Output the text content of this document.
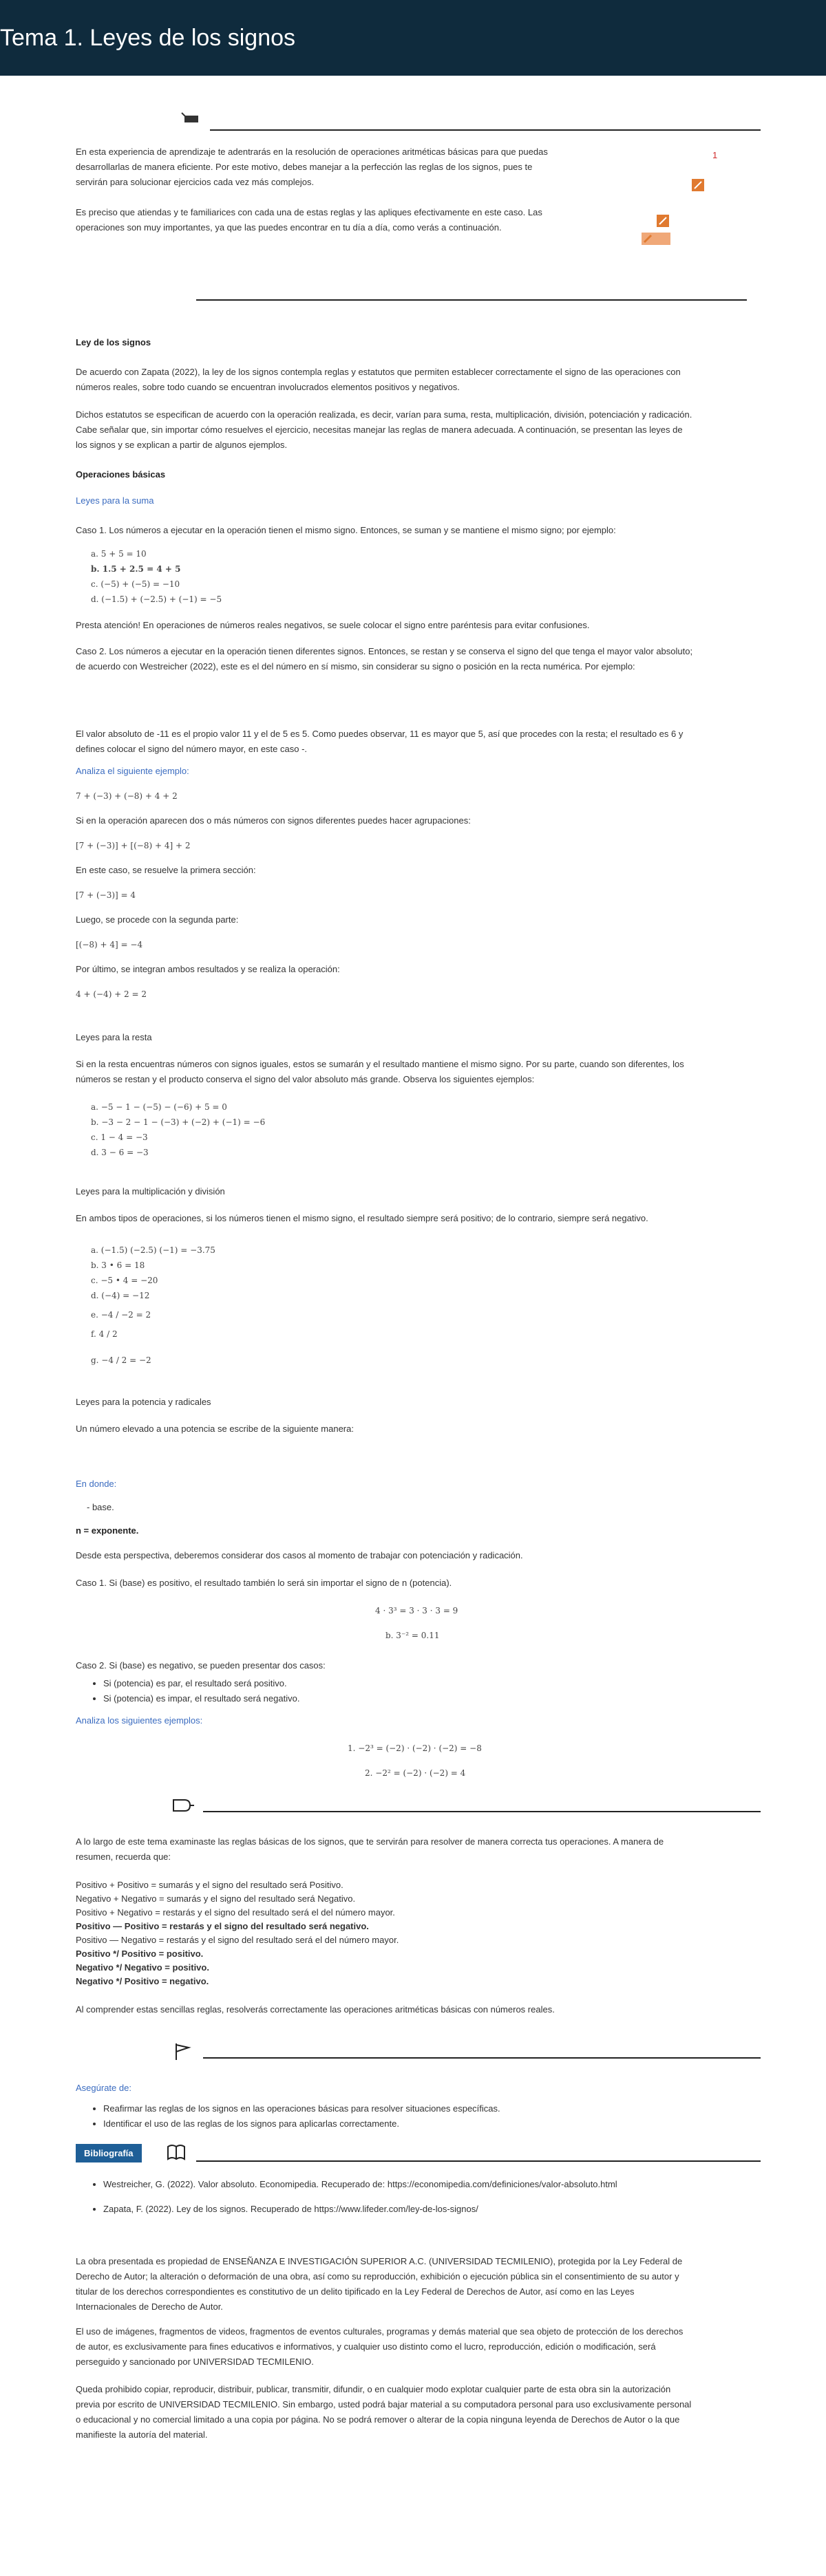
Tema 1. Leyes de los signos

En esta experiencia de aprendizaje te adentrarás en la resolución de operaciones aritméticas básicas para que puedas desarrollarlas de manera eficiente. Por este motivo, debes manejar a la perfección las reglas de los signos, pues te servirán para solucionar ejercicios cada vez más complejos.

1

Es preciso que atiendas y te familiarices con cada una de estas reglas y las apliques efectivamente en este caso. Las operaciones son muy importantes, ya que las puedes encontrar en tu día a día, como verás a continuación.

Ley de los signos

De acuerdo con Zapata (2022), la ley de los signos contempla reglas y estatutos que permiten establecer correctamente el signo de las operaciones con números reales, sobre todo cuando se encuentran involucrados elementos positivos y negativos.

Dichos estatutos se especifican de acuerdo con la operación realizada, es decir, varían para suma, resta, multiplicación, división, potenciación y radicación. Cabe señalar que, sin importar cómo resuelves el ejercicio, necesitas manejar las reglas de manera adecuada. A continuación, se presentan las leyes de los signos y se explican a partir de algunos ejemplos.

Operaciones básicas
Leyes para la suma

Caso 1. Los números a ejecutar en la operación tienen el mismo signo. Entonces, se suman y se mantiene el mismo signo; por ejemplo:

a. 5 + 5 = 10
b. 1.5 + 2.5 = 4 + 5
c. (−5) + (−5) = −10
d. (−1.5) + (−2.5) + (−1) = −5

Presta atención! En operaciones de números reales negativos, se suele colocar el signo entre paréntesis para evitar confusiones.

Caso 2. Los números a ejecutar en la operación tienen diferentes signos. Entonces, se restan y se conserva el signo del que tenga el mayor valor absoluto; de acuerdo con Westreicher (2022), este es el del número en sí mismo, sin considerar su signo o posición en la recta numérica. Por ejemplo:

El valor absoluto de -11 es el propio valor 11 y el de 5 es 5. Como puedes observar, 11 es mayor que 5, así que procedes con la resta; el resultado es 6 y defines colocar el signo del número mayor, en este caso -.

Analiza el siguiente ejemplo:

7 + (−3) + (−8) + 4 + 2

Si en la operación aparecen dos o más números con signos diferentes puedes hacer agrupaciones:

[7 + (−3)] + [(−8) + 4] + 2

En este caso, se resuelve la primera sección:

[7 + (−3)] = 4

Luego, se procede con la segunda parte:

[(−8) + 4] = −4

Por último, se integran ambos resultados y se realiza la operación:

4 + (−4) + 2 = 2
Leyes para la resta

Si en la resta encuentras números con signos iguales, estos se sumarán y el resultado mantiene el mismo signo. Por su parte, cuando son diferentes, los números se restan y el producto conserva el signo del valor absoluto más grande. Observa los siguientes ejemplos:

a. −5 − 1 − (−5) − (−6) + 5 = 0
b. −3 − 2 − 1 − (−3) + (−2) + (−1) = −6
c. 1 − 4 = −3
d. 3 − 6 = −3
Leyes para la multiplicación y división

En ambos tipos de operaciones, si los números tienen el mismo signo, el resultado siempre será positivo; de lo contrario, siempre será negativo.

a. (−1.5) (−2.5) (−1) = −3.75
b. 3 • 6 = 18
c. −5 • 4 = −20
d. (−4) = −12
e. −4 / −2 = 2
f. 4 / 2
g. −4 / 2 = −2
Leyes para la potencia y radicales

Un número elevado a una potencia se escribe de la siguiente manera:

En donde:

- base.

n = exponente.

Desde esta perspectiva, deberemos considerar dos casos al momento de trabajar con potenciación y radicación.

Caso 1. Si (base) es positivo, el resultado también lo será sin importar el signo de n (potencia).

4 · 3³ = 3 · 3 · 3 = 9
b. 3⁻² = 0.11

Caso 2. Si (base) es negativo, se pueden presentar dos casos:

• Si (potencia) es par, el resultado será positivo.
• Si (potencia) es impar, el resultado será negativo.

Analiza los siguientes ejemplos:

1. −2³ = (−2) · (−2) · (−2) = −8
2. −2² = (−2) · (−2) = 4

A lo largo de este tema examinaste las reglas básicas de los signos, que te servirán para resolver de manera correcta tus operaciones. A manera de resumen, recuerda que:

Positivo + Positivo = sumarás y el signo del resultado será Positivo.
Negativo + Negativo = sumarás y el signo del resultado será Negativo.
Positivo + Negativo = restarás y el signo del resultado será el del número mayor.
Positivo — Positivo = restarás y el signo del resultado será negativo.
Positivo — Negativo = restarás y el signo del resultado será el del número mayor.
Positivo */ Positivo = positivo.
Negativo */ Negativo = positivo.
Negativo */ Positivo = negativo.

Al comprender estas sencillas reglas, resolverás correctamente las operaciones aritméticas básicas con números reales.

Asegúrate de:

• Reafirmar las reglas de los signos en las operaciones básicas para resolver situaciones específicas.
• Identificar el uso de las reglas de los signos para aplicarlas correctamente.
Bibliografía
• Westreicher, G. (2022). Valor absoluto. Economipedia. Recuperado de: https://economipedia.com/definiciones/valor-absoluto.html
• Zapata, F. (2022). Ley de los signos. Recuperado de https://www.lifeder.com/ley-de-los-signos/

La obra presentada es propiedad de ENSEÑANZA E INVESTIGACIÓN SUPERIOR A.C. (UNIVERSIDAD TECMILENIO), protegida por la Ley Federal de Derecho de Autor; la alteración o deformación de una obra, así como su reproducción, exhibición o ejecución pública sin el consentimiento de su autor y titular de los derechos correspondientes es constitutivo de un delito tipificado en la Ley Federal de Derechos de Autor, así como en las Leyes Internacionales de Derecho de Autor.

El uso de imágenes, fragmentos de videos, fragmentos de eventos culturales, programas y demás material que sea objeto de protección de los derechos de autor, es exclusivamente para fines educativos e informativos, y cualquier uso distinto como el lucro, reproducción, edición o modificación, será perseguido y sancionado por UNIVERSIDAD TECMILENIO.

Queda prohibido copiar, reproducir, distribuir, publicar, transmitir, difundir, o en cualquier modo explotar cualquier parte de esta obra sin la autorización previa por escrito de UNIVERSIDAD TECMILENIO. Sin embargo, usted podrá bajar material a su computadora personal para uso exclusivamente personal o educacional y no comercial limitado a una copia por página. No se podrá remover o alterar de la copia ninguna leyenda de Derechos de Autor o la que manifieste la autoría del material.
